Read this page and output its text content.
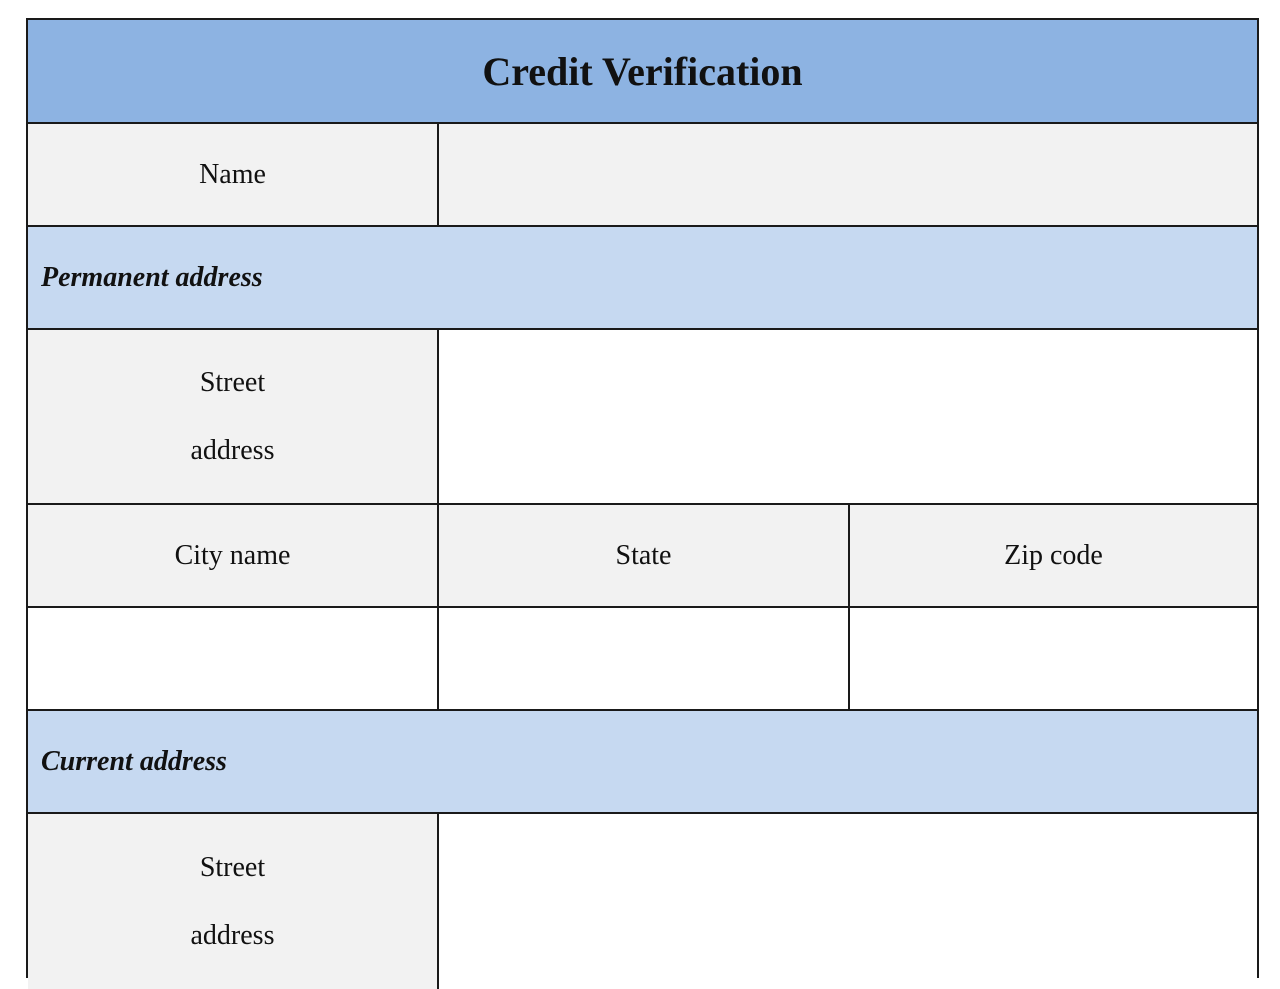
Credit Verification
Name
Permanent address
Street
address
City name	State	Zip code
Current address
Street
address
